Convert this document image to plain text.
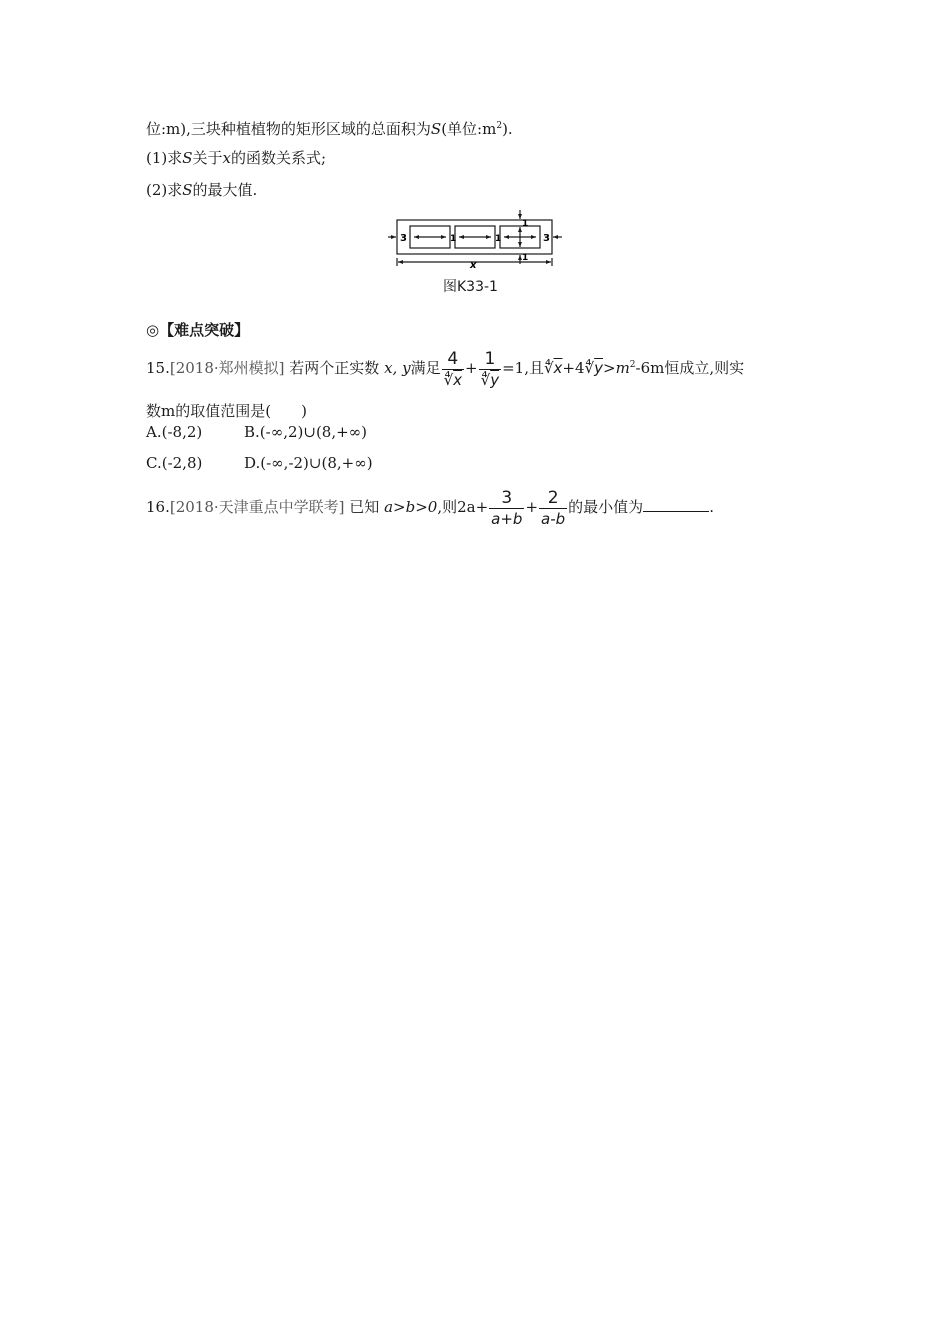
位:m),三块种植植物的矩形区域的总面积为S(单位$:m^2$).
(1)求S关于x的函数关系式;
(2)求S的最大值.
3	3
1	1
1
1
x
图K33-1
◎【难点突破】
15.[2018·郑州模拟] 若两个正实数 x, y满足 $\frac{4}{∜\overline{x}} + \frac{1}{∜\overline{y}} =1$,且$∜\overline{x}+4∜\overline{y}>m^2-6m$恒成立,则实
数m的取值范围是(　　)
A.(-8,2)	B.(-∞,2)∪(8,+∞)
C.(-2,8)	D.(-∞,-2)∪(8,+∞)
16.[2018·天津重点中学联考] 已知 a>b>0,则$2a+ \frac{3}{a+b} + \frac{2}{a-b}$ 的最小值为	.
